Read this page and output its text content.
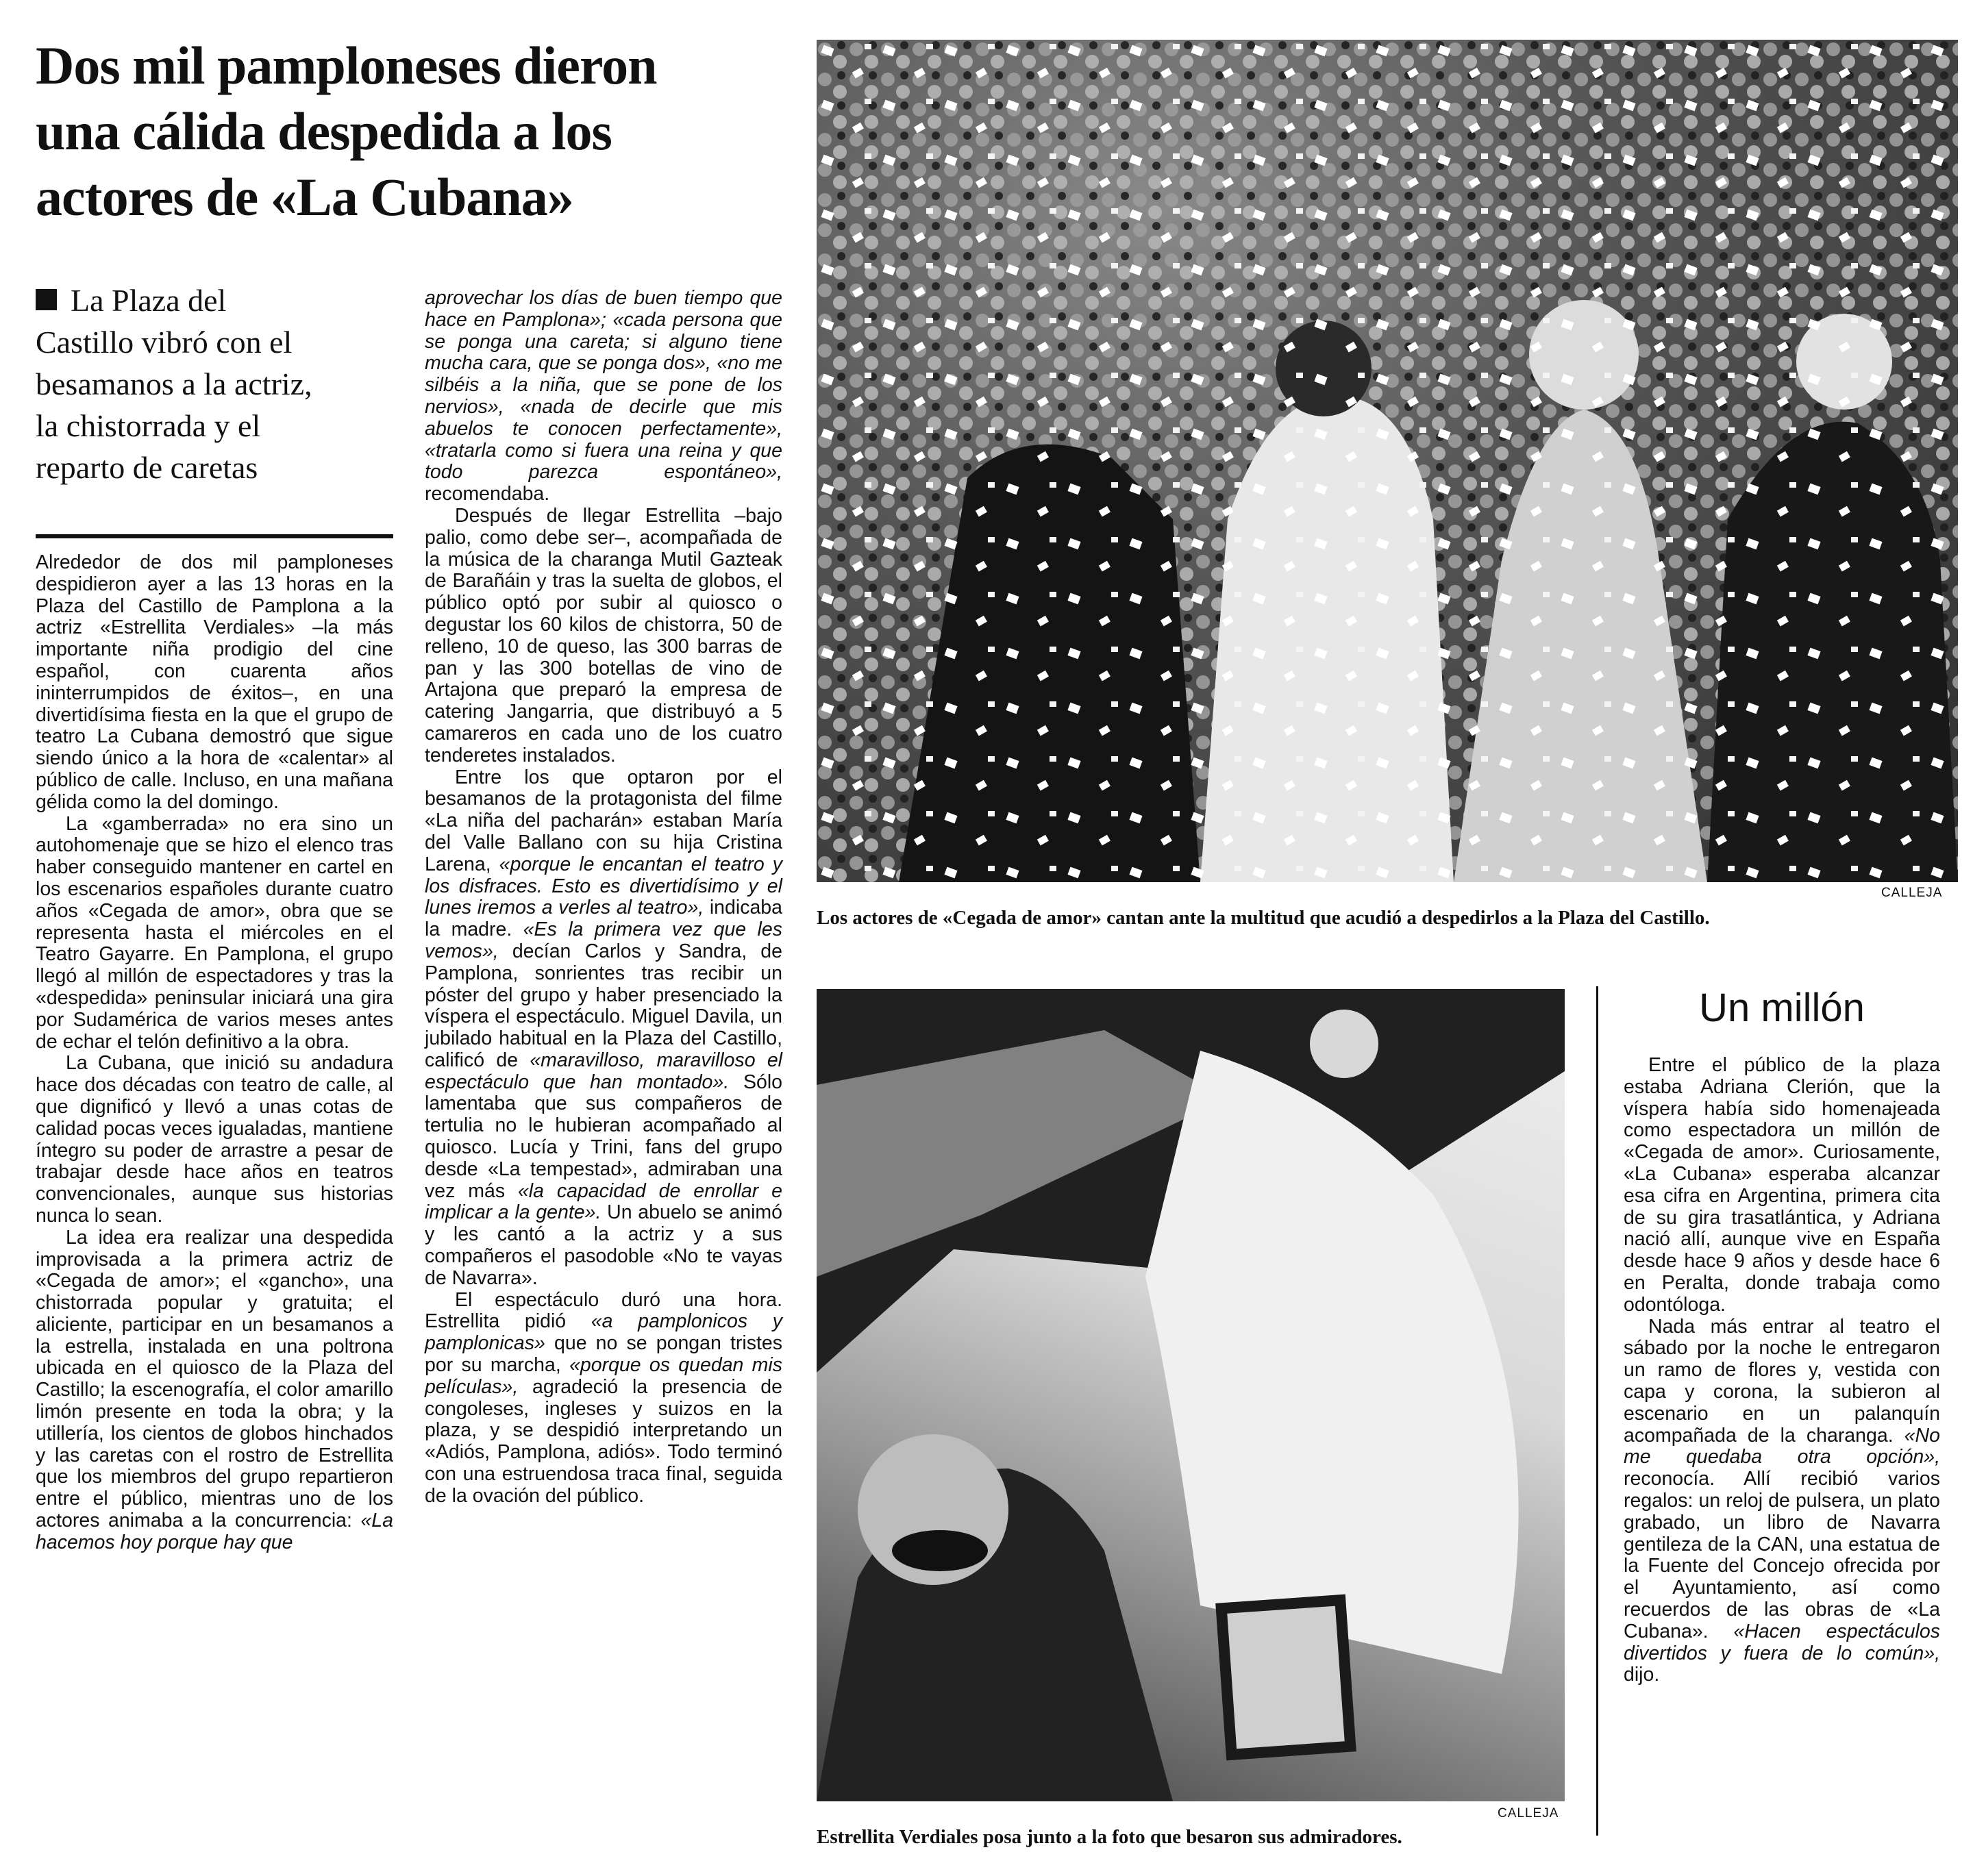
Dos mil pamploneses dieron
una cálida despedida a los
actores de «La Cubana»
La Plaza del
Castillo vibró con el
besamanos a la actriz,
la chistorrada y el
reparto de caretas

Alrededor de dos mil pamploneses despidieron ayer a las 13 horas en la Plaza del Castillo de Pamplona a la actriz «Estrellita Verdiales» –la más importante niña prodigio del cine español, con cuarenta años ininterrumpidos de éxitos–, en una divertidísima fiesta en la que el grupo de teatro La Cubana demostró que sigue siendo único a la hora de «calentar» al público de calle. Incluso, en una mañana gélida como la del domingo.

La «gamberrada» no era sino un autohomenaje que se hizo el elenco tras haber conseguido mantener en cartel en los escenarios españoles durante cuatro años «Cegada de amor», obra que se representa hasta el miércoles en el Teatro Gayarre. En Pamplona, el grupo llegó al millón de espectadores y tras la «despedida» peninsular iniciará una gira por Sudamérica de varios meses antes de echar el telón definitivo a la obra.

La Cubana, que inició su andadura hace dos décadas con teatro de calle, al que dignificó y llevó a unas cotas de calidad pocas veces igualadas, mantiene íntegro su poder de arrastre a pesar de trabajar desde hace años en teatros convencionales, aunque sus historias nunca lo sean.

La idea era realizar una despedida improvisada a la primera actriz de «Cegada de amor»; el «gancho», una chistorrada popular y gratuita; el aliciente, participar en un besamanos a la estrella, instalada en una poltrona ubicada en el quiosco de la Plaza del Castillo; la escenografía, el color amarillo limón presente en toda la obra; y la utillería, los cientos de globos hinchados y las caretas con el rostro de Estrellita que los miembros del grupo repartieron entre el público, mientras uno de los actores animaba a la concurrencia: «La hacemos hoy porque hay que

aprovechar los días de buen tiempo que hace en Pamplona»; «cada persona que se ponga una careta; si alguno tiene mucha cara, que se ponga dos», «no me silbéis a la niña, que se pone de los nervios», «nada de decirle que mis abuelos te conocen perfectamente», «tratarla como si fuera una reina y que todo parezca espontáneo», recomendaba.

Después de llegar Estrellita –bajo palio, como debe ser–, acompañada de la música de la charanga Mutil Gazteak de Barañáin y tras la suelta de globos, el público optó por subir al quiosco o degustar los 60 kilos de chistorra, 50 de relleno, 10 de queso, las 300 barras de pan y las 300 botellas de vino de Artajona que preparó la empresa de catering Jangarria, que distribuyó a 5 camareros en cada uno de los cuatro tenderetes instalados.

Entre los que optaron por el besamanos de la protagonista del filme «La niña del pacharán» estaban María del Valle Ballano con su hija Cristina Larena, «porque le encantan el teatro y los disfraces. Esto es divertidísimo y el lunes iremos a verles al teatro», indicaba la madre. «Es la primera vez que les vemos», decían Carlos y Sandra, de Pamplona, sonrientes tras recibir un póster del grupo y haber presenciado la víspera el espectáculo. Miguel Davila, un jubilado habitual en la Plaza del Castillo, calificó de «maravilloso, maravilloso el espectáculo que han montado». Sólo lamentaba que sus compañeros de tertulia no le hubieran acompañado al quiosco. Lucía y Trini, fans del grupo desde «La tempestad», admiraban una vez más «la capacidad de enrollar e implicar a la gente». Un abuelo se animó y les cantó a la actriz y a sus compañeros el pasodoble «No te vayas de Navarra».

El espectáculo duró una hora. Estrellita pidió «a pamplonicos y pamplonicas» que no se pongan tristes por su marcha, «porque os quedan mis películas», agradeció la presencia de congoleses, ingleses y suizos en la plaza, y se despidió interpretando un «Adiós, Pamplona, adiós». Todo terminó con una estruendosa traca final, seguida de la ovación del público.

CALLEJA
Los actores de «Cegada de amor» cantan ante la multitud que acudió a despedirlos a la Plaza del Castillo.
CALLEJA
Estrellita Verdiales posa junto a la foto que besaron sus admiradores.
Un millón

Entre el público de la plaza estaba Adriana Clerión, que la víspera había sido homenajeada como espectadora un millón de «Cegada de amor». Curiosamente, «La Cubana» esperaba alcanzar esa cifra en Argentina, primera cita de su gira trasatlántica, y Adriana nació allí, aunque vive en España desde hace 9 años y desde hace 6 en Peralta, donde trabaja como odontóloga.

Nada más entrar al teatro el sábado por la noche le entregaron un ramo de flores y, vestida con capa y corona, la subieron al escenario en un palanquín acompañada de la charanga. «No me quedaba otra opción», reconocía. Allí recibió varios regalos: un reloj de pulsera, un plato grabado, un libro de Navarra gentileza de la CAN, una estatua de la Fuente del Concejo ofrecida por el Ayuntamiento, así como recuerdos de las obras de «La Cubana». «Hacen espectáculos divertidos y fuera de lo común», dijo.
